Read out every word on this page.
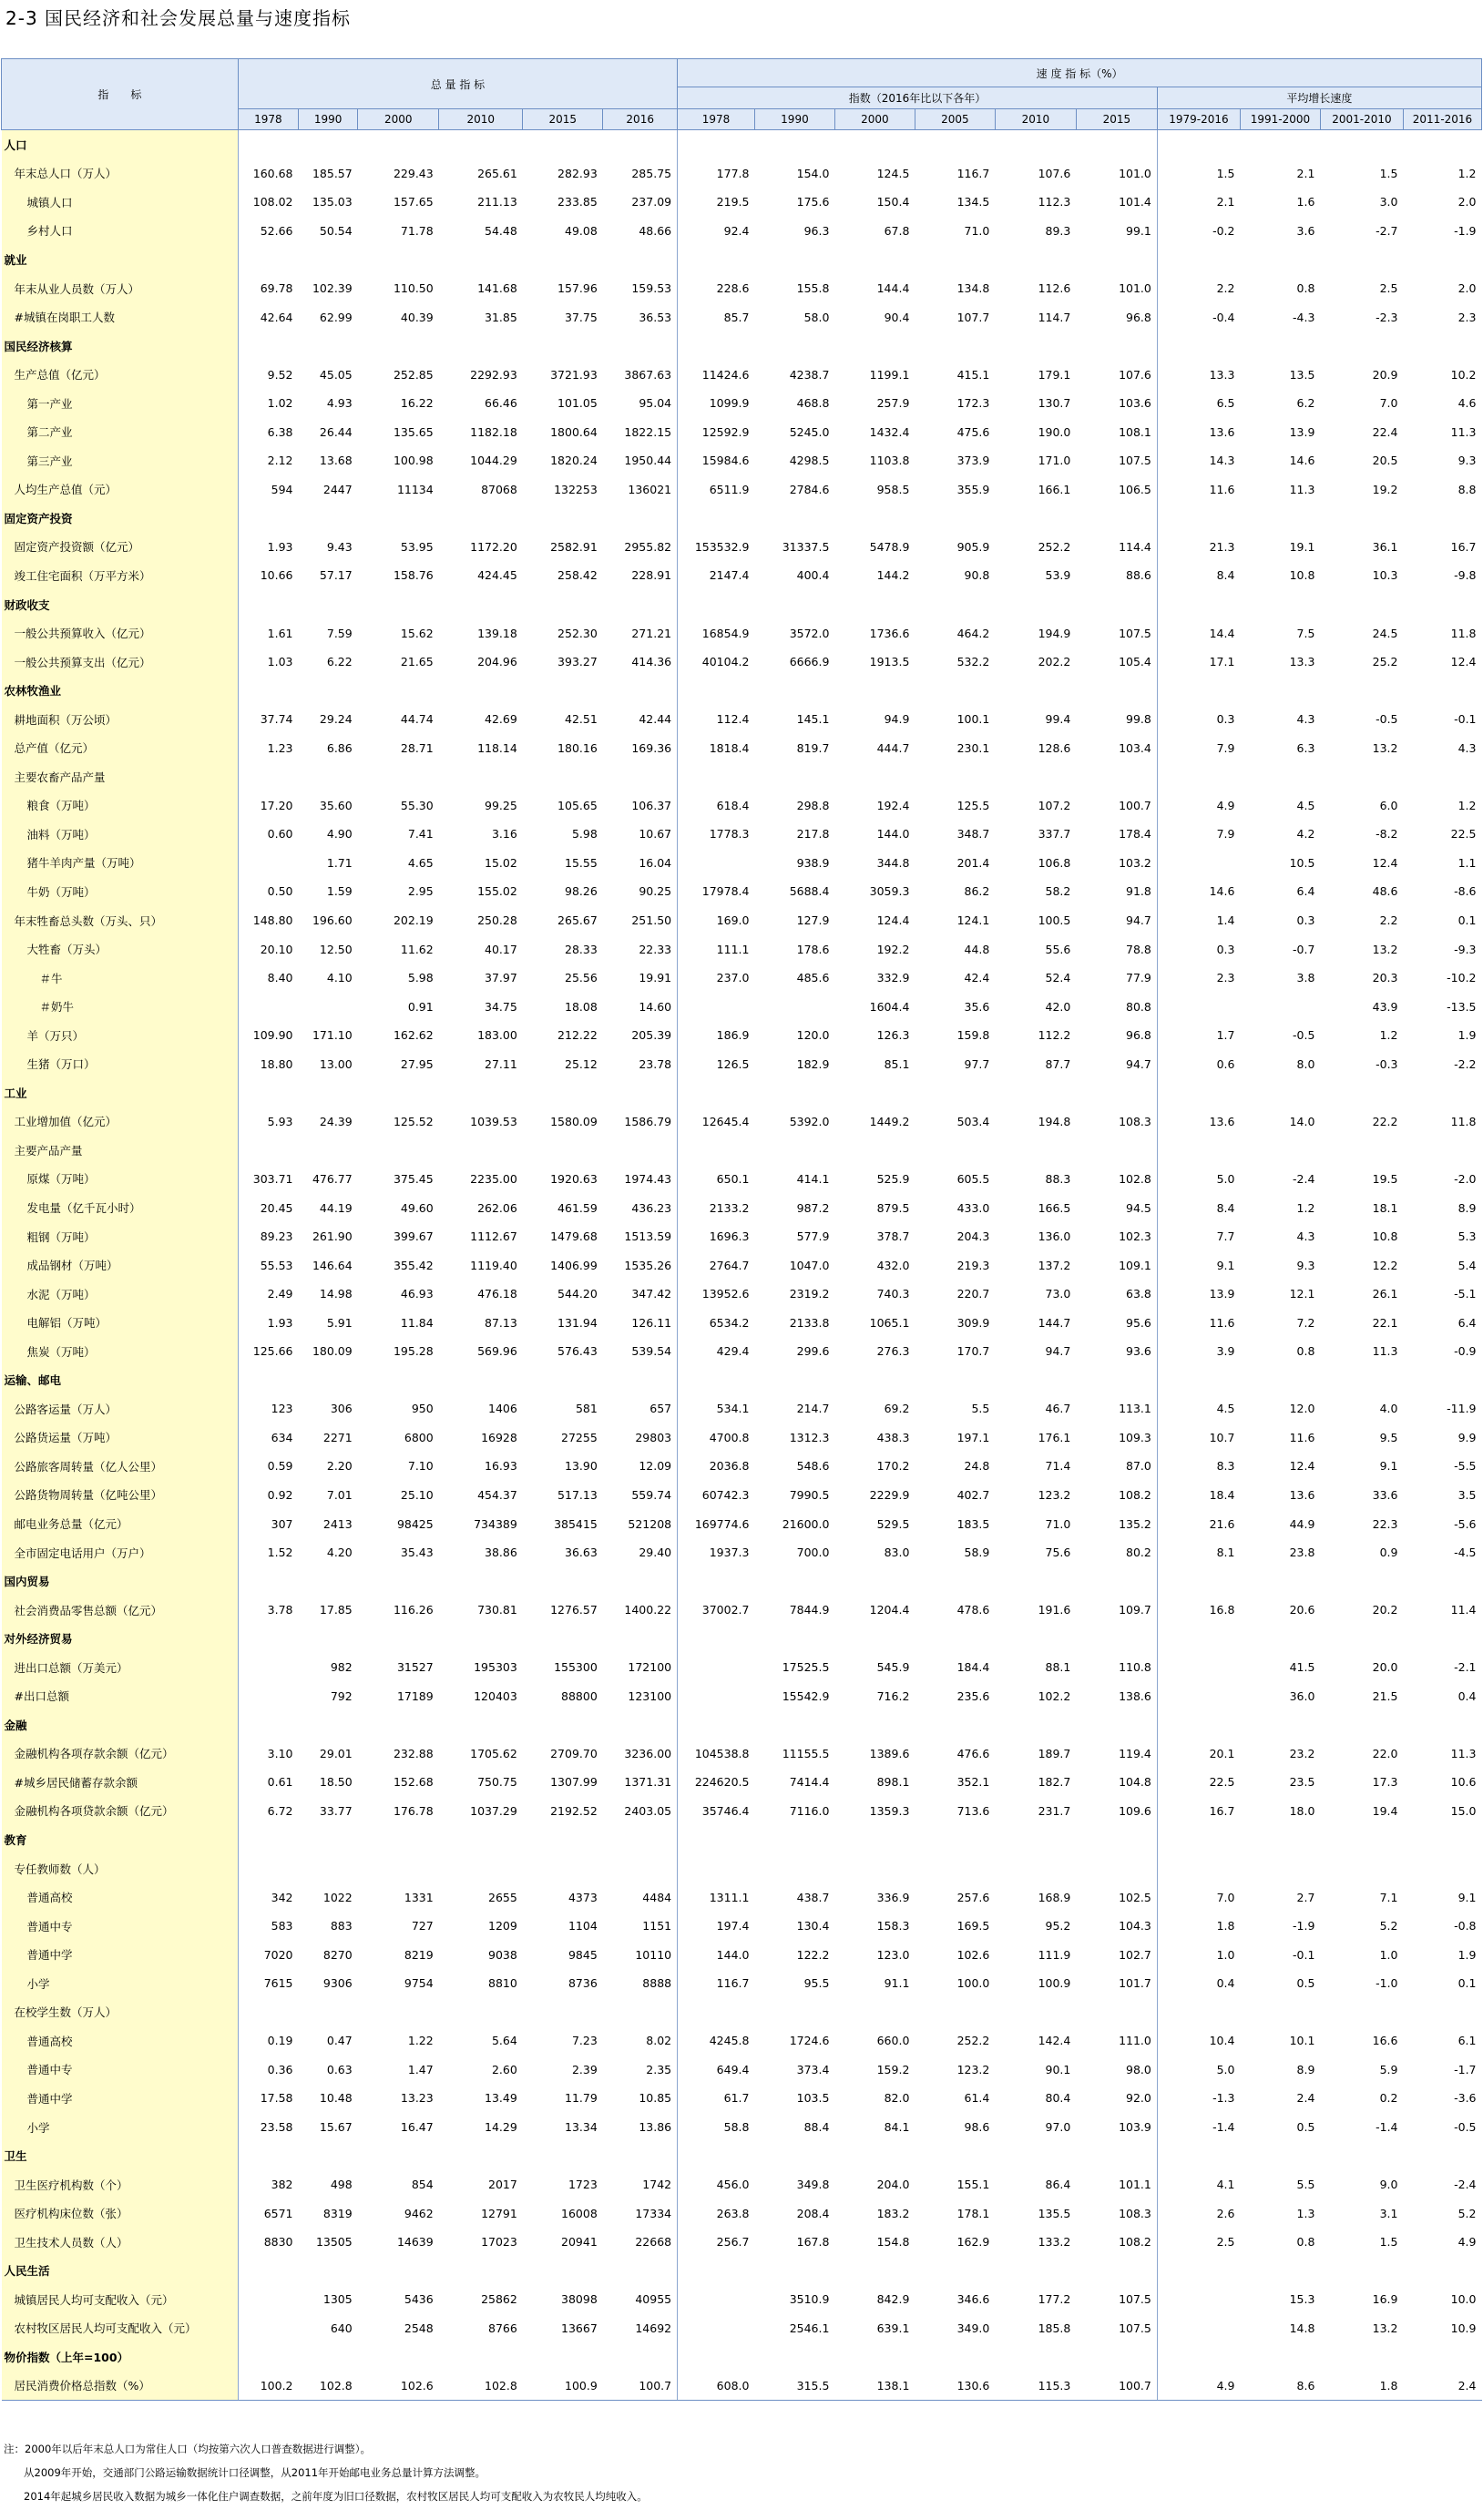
2-3 国民经济和社会发展总量与速度指标
指　　标	总 量 指 标						速 度 指 标（%）									
							指数（2016年比以下各年）						平均增长速度			
	1978	1990	2000	2010	2015	2016	1978	1990	2000	2005	2010	2015	1979-2016	1991-2000	2001-2010	2011-2016
人口																
年末总人口（万人）	160.68	185.57	229.43	265.61	282.93	285.75	177.8	154.0	124.5	116.7	107.6	101.0	1.5	2.1	1.5	1.2
城镇人口	108.02	135.03	157.65	211.13	233.85	237.09	219.5	175.6	150.4	134.5	112.3	101.4	2.1	1.6	3.0	2.0
乡村人口	52.66	50.54	71.78	54.48	49.08	48.66	92.4	96.3	67.8	71.0	89.3	99.1	-0.2	3.6	-2.7	-1.9
就业																
年末从业人员数（万人）	69.78	102.39	110.50	141.68	157.96	159.53	228.6	155.8	144.4	134.8	112.6	101.0	2.2	0.8	2.5	2.0
#城镇在岗职工人数	42.64	62.99	40.39	31.85	37.75	36.53	85.7	58.0	90.4	107.7	114.7	96.8	-0.4	-4.3	-2.3	2.3
国民经济核算																
生产总值（亿元）	9.52	45.05	252.85	2292.93	3721.93	3867.63	11424.6	4238.7	1199.1	415.1	179.1	107.6	13.3	13.5	20.9	10.2
第一产业	1.02	4.93	16.22	66.46	101.05	95.04	1099.9	468.8	257.9	172.3	130.7	103.6	6.5	6.2	7.0	4.6
第二产业	6.38	26.44	135.65	1182.18	1800.64	1822.15	12592.9	5245.0	1432.4	475.6	190.0	108.1	13.6	13.9	22.4	11.3
第三产业	2.12	13.68	100.98	1044.29	1820.24	1950.44	15984.6	4298.5	1103.8	373.9	171.0	107.5	14.3	14.6	20.5	9.3
人均生产总值（元）	594	2447	11134	87068	132253	136021	6511.9	2784.6	958.5	355.9	166.1	106.5	11.6	11.3	19.2	8.8
固定资产投资																
固定资产投资额（亿元）	1.93	9.43	53.95	1172.20	2582.91	2955.82	153532.9	31337.5	5478.9	905.9	252.2	114.4	21.3	19.1	36.1	16.7
竣工住宅面积（万平方米）	10.66	57.17	158.76	424.45	258.42	228.91	2147.4	400.4	144.2	90.8	53.9	88.6	8.4	10.8	10.3	-9.8
财政收支																
一般公共预算收入（亿元）	1.61	7.59	15.62	139.18	252.30	271.21	16854.9	3572.0	1736.6	464.2	194.9	107.5	14.4	7.5	24.5	11.8
一般公共预算支出（亿元）	1.03	6.22	21.65	204.96	393.27	414.36	40104.2	6666.9	1913.5	532.2	202.2	105.4	17.1	13.3	25.2	12.4
农林牧渔业																
耕地面积（万公顷）	37.74	29.24	44.74	42.69	42.51	42.44	112.4	145.1	94.9	100.1	99.4	99.8	0.3	4.3	-0.5	-0.1
总产值（亿元）	1.23	6.86	28.71	118.14	180.16	169.36	1818.4	819.7	444.7	230.1	128.6	103.4	7.9	6.3	13.2	4.3
主要农畜产品产量																
粮食（万吨）	17.20	35.60	55.30	99.25	105.65	106.37	618.4	298.8	192.4	125.5	107.2	100.7	4.9	4.5	6.0	1.2
油料（万吨）	0.60	4.90	7.41	3.16	5.98	10.67	1778.3	217.8	144.0	348.7	337.7	178.4	7.9	4.2	-8.2	22.5
猪牛羊肉产量（万吨）		1.71	4.65	15.02	15.55	16.04		938.9	344.8	201.4	106.8	103.2		10.5	12.4	1.1
牛奶（万吨）	0.50	1.59	2.95	155.02	98.26	90.25	17978.4	5688.4	3059.3	86.2	58.2	91.8	14.6	6.4	48.6	-8.6
年末牲畜总头数（万头、只）	148.80	196.60	202.19	250.28	265.67	251.50	169.0	127.9	124.4	124.1	100.5	94.7	1.4	0.3	2.2	0.1
大牲畜（万头）	20.10	12.50	11.62	40.17	28.33	22.33	111.1	178.6	192.2	44.8	55.6	78.8	0.3	-0.7	13.2	-9.3
＃牛	8.40	4.10	5.98	37.97	25.56	19.91	237.0	485.6	332.9	42.4	52.4	77.9	2.3	3.8	20.3	-10.2
＃奶牛			0.91	34.75	18.08	14.60			1604.4	35.6	42.0	80.8			43.9	-13.5
羊（万只）	109.90	171.10	162.62	183.00	212.22	205.39	186.9	120.0	126.3	159.8	112.2	96.8	1.7	-0.5	1.2	1.9
生猪（万口）	18.80	13.00	27.95	27.11	25.12	23.78	126.5	182.9	85.1	97.7	87.7	94.7	0.6	8.0	-0.3	-2.2
工业																
工业增加值（亿元）	5.93	24.39	125.52	1039.53	1580.09	1586.79	12645.4	5392.0	1449.2	503.4	194.8	108.3	13.6	14.0	22.2	11.8
主要产品产量																
原煤（万吨）	303.71	476.77	375.45	2235.00	1920.63	1974.43	650.1	414.1	525.9	605.5	88.3	102.8	5.0	-2.4	19.5	-2.0
发电量（亿千瓦小时）	20.45	44.19	49.60	262.06	461.59	436.23	2133.2	987.2	879.5	433.0	166.5	94.5	8.4	1.2	18.1	8.9
粗钢（万吨）	89.23	261.90	399.67	1112.67	1479.68	1513.59	1696.3	577.9	378.7	204.3	136.0	102.3	7.7	4.3	10.8	5.3
成品钢材（万吨）	55.53	146.64	355.42	1119.40	1406.99	1535.26	2764.7	1047.0	432.0	219.3	137.2	109.1	9.1	9.3	12.2	5.4
水泥（万吨）	2.49	14.98	46.93	476.18	544.20	347.42	13952.6	2319.2	740.3	220.7	73.0	63.8	13.9	12.1	26.1	-5.1
电解铝（万吨）	1.93	5.91	11.84	87.13	131.94	126.11	6534.2	2133.8	1065.1	309.9	144.7	95.6	11.6	7.2	22.1	6.4
焦炭（万吨）	125.66	180.09	195.28	569.96	576.43	539.54	429.4	299.6	276.3	170.7	94.7	93.6	3.9	0.8	11.3	-0.9
运输、邮电																
公路客运量（万人）	123	306	950	1406	581	657	534.1	214.7	69.2	5.5	46.7	113.1	4.5	12.0	4.0	-11.9
公路货运量（万吨）	634	2271	6800	16928	27255	29803	4700.8	1312.3	438.3	197.1	176.1	109.3	10.7	11.6	9.5	9.9
公路旅客周转量（亿人公里）	0.59	2.20	7.10	16.93	13.90	12.09	2036.8	548.6	170.2	24.8	71.4	87.0	8.3	12.4	9.1	-5.5
公路货物周转量（亿吨公里）	0.92	7.01	25.10	454.37	517.13	559.74	60742.3	7990.5	2229.9	402.7	123.2	108.2	18.4	13.6	33.6	3.5
邮电业务总量（亿元）	307	2413	98425	734389	385415	521208	169774.6	21600.0	529.5	183.5	71.0	135.2	21.6	44.9	22.3	-5.6
全市固定电话用户（万户）	1.52	4.20	35.43	38.86	36.63	29.40	1937.3	700.0	83.0	58.9	75.6	80.2	8.1	23.8	0.9	-4.5
国内贸易																
社会消费品零售总额（亿元）	3.78	17.85	116.26	730.81	1276.57	1400.22	37002.7	7844.9	1204.4	478.6	191.6	109.7	16.8	20.6	20.2	11.4
对外经济贸易																
进出口总额（万美元）		982	31527	195303	155300	172100		17525.5	545.9	184.4	88.1	110.8		41.5	20.0	-2.1
#出口总额		792	17189	120403	88800	123100		15542.9	716.2	235.6	102.2	138.6		36.0	21.5	0.4
金融																
金融机构各项存款余额（亿元）	3.10	29.01	232.88	1705.62	2709.70	3236.00	104538.8	11155.5	1389.6	476.6	189.7	119.4	20.1	23.2	22.0	11.3
#城乡居民储蓄存款余额	0.61	18.50	152.68	750.75	1307.99	1371.31	224620.5	7414.4	898.1	352.1	182.7	104.8	22.5	23.5	17.3	10.6
金融机构各项贷款余额（亿元）	6.72	33.77	176.78	1037.29	2192.52	2403.05	35746.4	7116.0	1359.3	713.6	231.7	109.6	16.7	18.0	19.4	15.0
教育																
专任教师数（人）																
普通高校	342	1022	1331	2655	4373	4484	1311.1	438.7	336.9	257.6	168.9	102.5	7.0	2.7	7.1	9.1
普通中专	583	883	727	1209	1104	1151	197.4	130.4	158.3	169.5	95.2	104.3	1.8	-1.9	5.2	-0.8
普通中学	7020	8270	8219	9038	9845	10110	144.0	122.2	123.0	102.6	111.9	102.7	1.0	-0.1	1.0	1.9
小学	7615	9306	9754	8810	8736	8888	116.7	95.5	91.1	100.0	100.9	101.7	0.4	0.5	-1.0	0.1
在校学生数（万人）																
普通高校	0.19	0.47	1.22	5.64	7.23	8.02	4245.8	1724.6	660.0	252.2	142.4	111.0	10.4	10.1	16.6	6.1
普通中专	0.36	0.63	1.47	2.60	2.39	2.35	649.4	373.4	159.2	123.2	90.1	98.0	5.0	8.9	5.9	-1.7
普通中学	17.58	10.48	13.23	13.49	11.79	10.85	61.7	103.5	82.0	61.4	80.4	92.0	-1.3	2.4	0.2	-3.6
小学	23.58	15.67	16.47	14.29	13.34	13.86	58.8	88.4	84.1	98.6	97.0	103.9	-1.4	0.5	-1.4	-0.5
卫生																
卫生医疗机构数（个）	382	498	854	2017	1723	1742	456.0	349.8	204.0	155.1	86.4	101.1	4.1	5.5	9.0	-2.4
医疗机构床位数（张）	6571	8319	9462	12791	16008	17334	263.8	208.4	183.2	178.1	135.5	108.3	2.6	1.3	3.1	5.2
卫生技术人员数（人）	8830	13505	14639	17023	20941	22668	256.7	167.8	154.8	162.9	133.2	108.2	2.5	0.8	1.5	4.9
人民生活																
城镇居民人均可支配收入（元）		1305	5436	25862	38098	40955		3510.9	842.9	346.6	177.2	107.5		15.3	16.9	10.0
农村牧区居民人均可支配收入（元）		640	2548	8766	13667	14692		2546.1	639.1	349.0	185.8	107.5		14.8	13.2	10.9
物价指数（上年=100）																
居民消费价格总指数（%）	100.2	102.8	102.6	102.8	100.9	100.7	608.0	315.5	138.1	130.6	115.3	100.7	4.9	8.6	1.8	2.4
注：2000年以后年末总人口为常住人口（均按第六次人口普查数据进行调整）。
从2009年开始，交通部门公路运输数据统计口径调整，从2011年开始邮电业务总量计算方法调整。
2014年起城乡居民收入数据为城乡一体化住户调查数据，之前年度为旧口径数据，农村牧区居民人均可支配收入为农牧民人均纯收入。
